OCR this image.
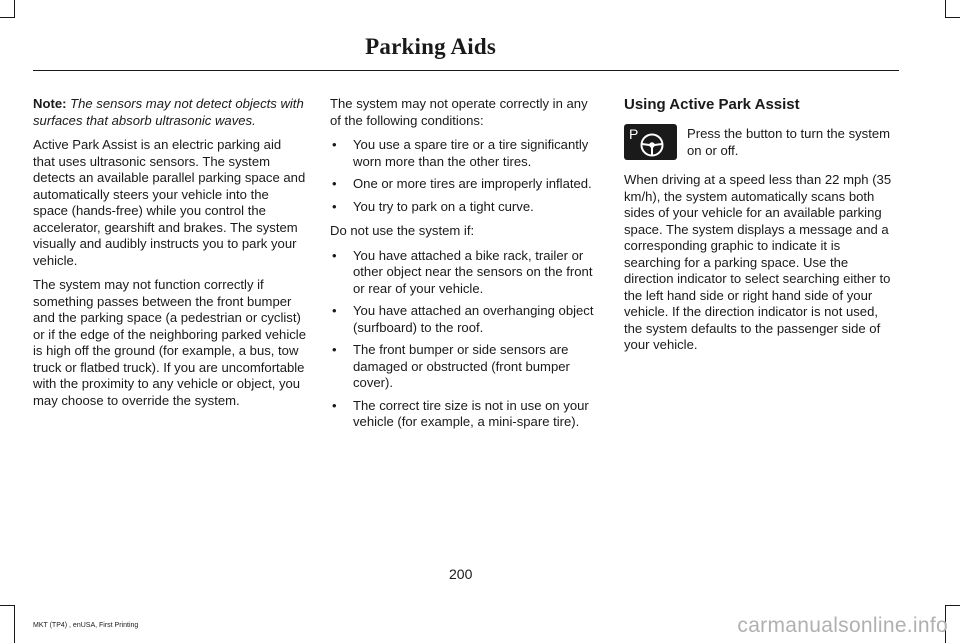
Parking Aids

Note: The sensors may not detect objects with surfaces that absorb ultrasonic waves.

Active Park Assist is an electric parking aid that uses ultrasonic sensors. The system detects an available parallel parking space and automatically steers your vehicle into the space (hands-free) while you control the accelerator, gearshift and brakes. The system visually and audibly instructs you to park your vehicle.

The system may not function correctly if something passes between the front bumper and the parking space (a pedestrian or cyclist) or if the edge of the neighboring parked vehicle is high off the ground (for example, a bus, tow truck or flatbed truck). If you are uncomfortable with the proximity to any vehicle or object, you may choose to override the system.

The system may not operate correctly in any of the following conditions:

• You use a spare tire or a tire significantly worn more than the other tires.
• One or more tires are improperly inflated.
• You try to park on a tight curve.

Do not use the system if:

• You have attached a bike rack, trailer or other object near the sensors on the front or rear of your vehicle.
• You have attached an overhanging object (surfboard) to the roof.
• The front bumper or side sensors are damaged or obstructed (front bumper cover).
• The correct tire size is not in use on your vehicle (for example, a mini-spare tire).
Using Active Park Assist
P	Press the button to turn the system on or off.

When driving at a speed less than 22 mph (35 km/h), the system automatically scans both sides of your vehicle for an available parking space. The system displays a message and a corresponding graphic to indicate it is searching for a parking space. Use the direction indicator to select searching either to the left hand side or right hand side of your vehicle. If the direction indicator is not used, the system defaults to the passenger side of your vehicle.

200
MKT (TP4) , enUSA, First Printing	carmanualsonline.info
